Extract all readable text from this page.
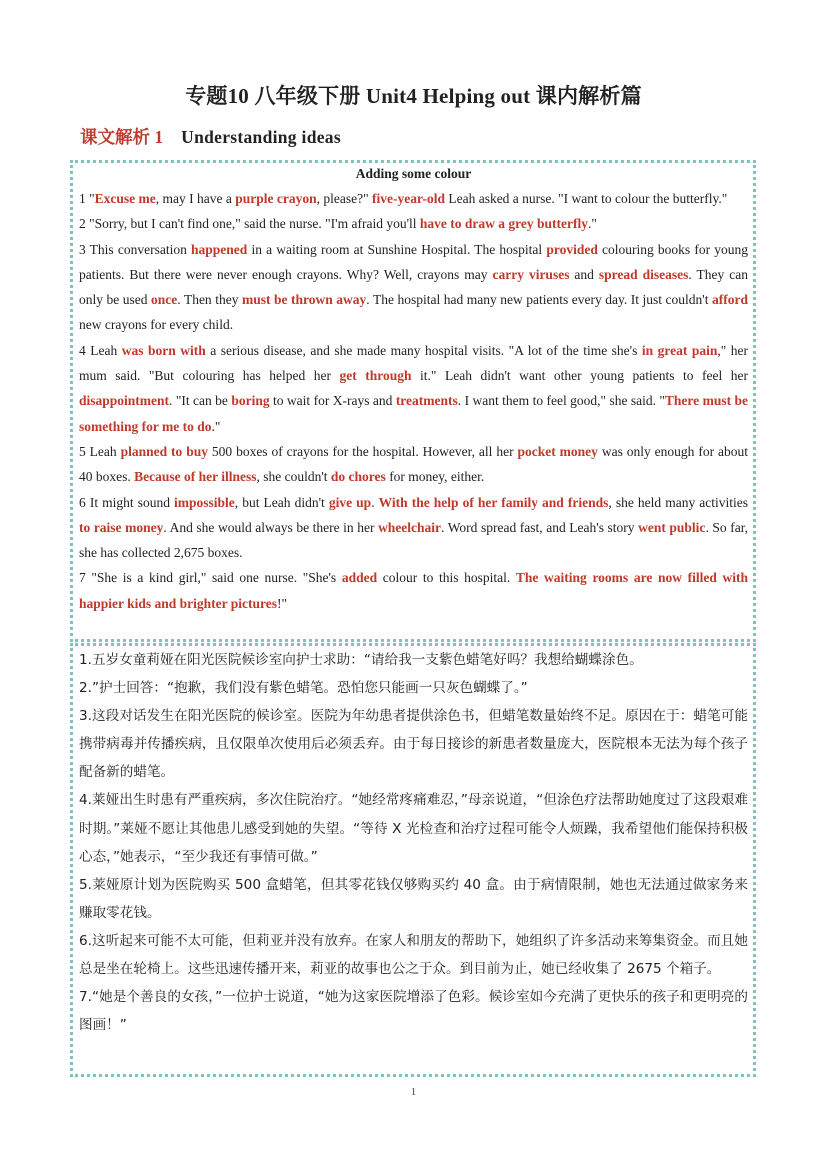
专题10 八年级下册 Unit4 Helping out 课内解析篇
课文解析 1 Understanding ideas
Adding some colour

1 "Excuse me, may I have a purple crayon, please?" five-year-old Leah asked a nurse. "I want to colour the butterfly."

2 "Sorry, but I can't find one," said the nurse. "I'm afraid you'll have to draw a grey butterfly."

3 This conversation happened in a waiting room at Sunshine Hospital. The hospital provided colouring books for young patients. But there were never enough crayons. Why? Well, crayons may carry viruses and spread diseases. They can only be used once. Then they must be thrown away. The hospital had many new patients every day. It just couldn't afford new crayons for every child.

4 Leah was born with a serious disease, and she made many hospital visits. "A lot of the time she's in great pain," her mum said. "But colouring has helped her get through it." Leah didn't want other young patients to feel her disappointment. "It can be boring to wait for X-rays and treatments. I want them to feel good," she said. "There must be something for me to do."

5 Leah planned to buy 500 boxes of crayons for the hospital. However, all her pocket money was only enough for about 40 boxes. Because of her illness, she couldn't do chores for money, either.

6 It might sound impossible, but Leah didn't give up. With the help of her family and friends, she held many activities to raise money. And she would always be there in her wheelchair. Word spread fast, and Leah's story went public. So far, she has collected 2,675 boxes.

7 "She is a kind girl," said one nurse. "She's added colour to this hospital. The waiting rooms are now filled with happier kids and brighter pictures!"

1.五岁女童莉娅在阳光医院候诊室向护士求助：“请给我一支紫色蜡笔好吗？我想给蝴蝶涂色。

2.”护士回答：“抱歉，我们没有紫色蜡笔。恐怕您只能画一只灰色蝴蝶了。”

3.这段对话发生在阳光医院的候诊室。医院为年幼患者提供涂色书，但蜡笔数量始终不足。原因在于：蜡笔可能携带病毒并传播疾病，且仅限单次使用后必须丢弃。由于每日接诊的新患者数量庞大，医院根本无法为每个孩子配备新的蜡笔。

4.莱娅出生时患有严重疾病，多次住院治疗。“她经常疼痛难忍，”母亲说道，“但涂色疗法帮助她度过了这段艰难时期。”莱娅不愿让其他患儿感受到她的失望。“等待 X 光检查和治疗过程可能令人烦躁，我希望他们能保持积极心态，”她表示，“至少我还有事情可做。”

5.莱娅原计划为医院购买 500 盒蜡笔，但其零花钱仅够购买约 40 盒。由于病情限制，她也无法通过做家务来赚取零花钱。

6.这听起来可能不太可能，但莉亚并没有放弃。在家人和朋友的帮助下，她组织了许多活动来筹集资金。而且她总是坐在轮椅上。这些迅速传播开来，莉亚的故事也公之于众。到目前为止，她已经收集了 2675 个箱子。

7.“她是个善良的女孩，”一位护士说道，“她为这家医院增添了色彩。候诊室如今充满了更快乐的孩子和更明亮的图画！”

1
